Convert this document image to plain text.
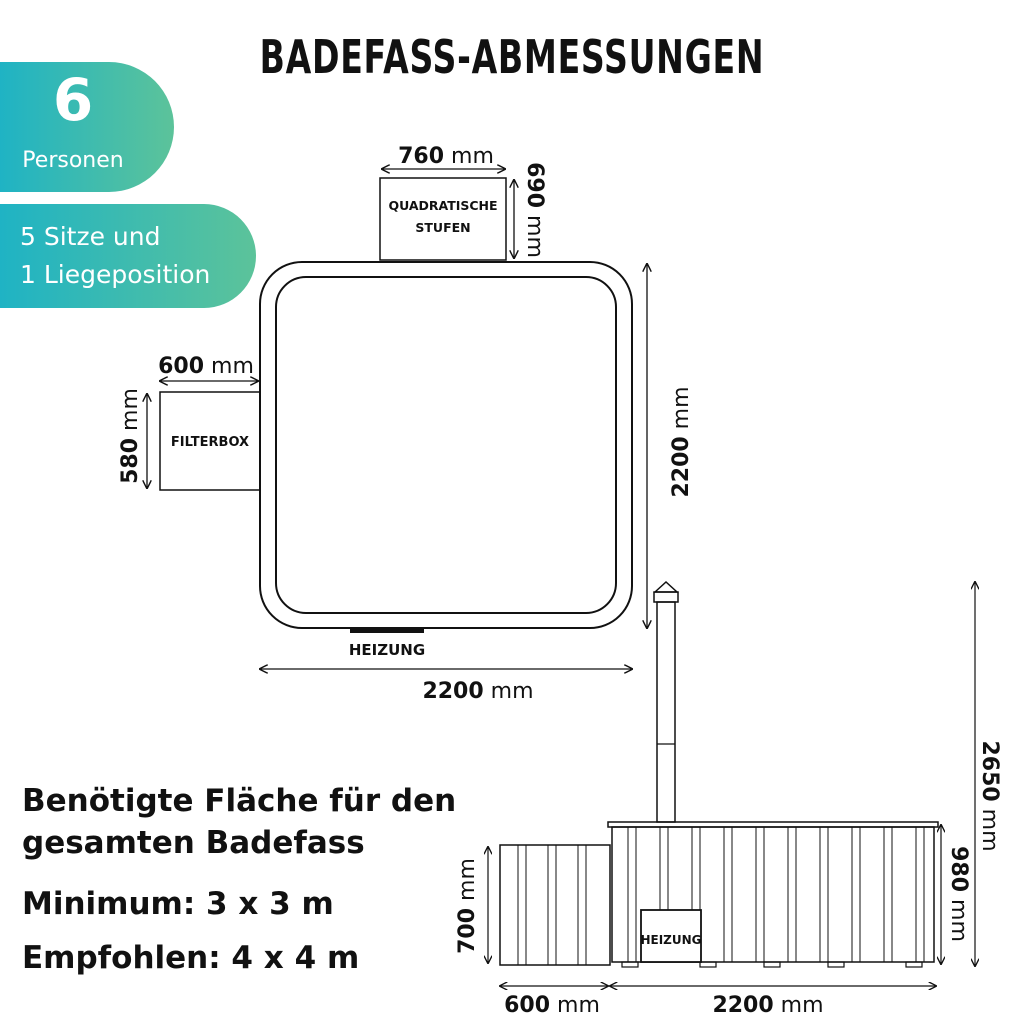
BADEFASS-ABMESSUNGEN
6
Personen
5 Sitze und
1 Liegeposition
QUADRATISCHE
STUFEN
FILTERBOX
HEIZUNG
760 mm
690 mm
600 mm
580 mm
2200 mm
2200 mm
HEIZUNG
2650 mm
980 mm
700 mm
600 mm	2200 mm
Benötigte Fläche für den gesamten Badefass
Minimum: 3 x 3 m
Empfohlen: 4 x 4 m
